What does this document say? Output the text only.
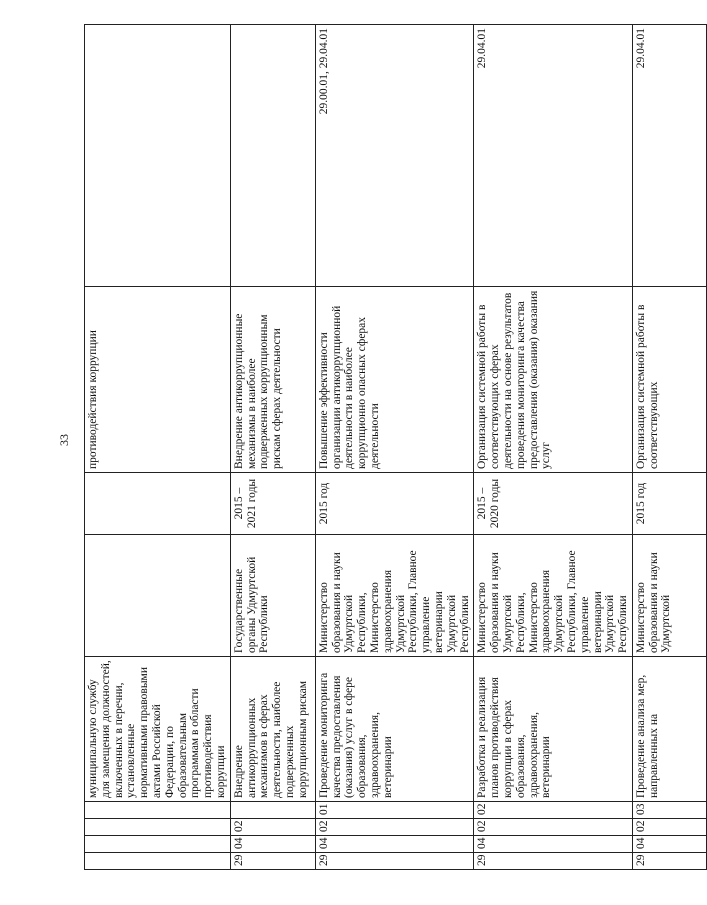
33
				муниципальную службу для замещения должностей, включенных в перечни, установленные нормативными правовыми актами Российской Федерации, по образовательным программам в области противодействия коррупции			противодействия коррупции	
29	04	02		Внедрение антикоррупционных механизмов в сферах деятельности, наиболее подверженных коррупционным рискам	Государственные органы Удмуртской Республики	2015 – 2021 годы	Внедрение антикоррупционные механизмы в наиболее подверженных коррупционным рискам сферах деятельности	
29	04	02	01	Проведение мониторинга качества предоставления (оказания) услуг в сфере образования, здравоохранения, ветеринарии	Министерство образования и науки Удмуртской Республики, Министерство здравоохранения Удмуртской Республики, Главное управление ветеринарии Удмуртской Республики	2015 год	Повышение эффективности организации антикоррупционной деятельности в наиболее коррупционно опасных сферах деятельности	29.00.01, 29.04.01
29	04	02	02	Разработка и реализация планов противодействия коррупции в сферах образования, здравоохранения, ветеринарии	Министерство образования и науки Удмуртской Республики, Министерство здравоохранения Удмуртской Республики, Главное управление ветеринарии Удмуртской Республики	2015 – 2020 годы	Организация системной работы в соответствующих сферах деятельности на основе результатов проведения мониторинга качества предоставления (оказания) оказания услуг	29.04.01
29	04	02	03	Проведение анализа мер, направленных на	Министерство образования и науки Удмуртской	2015 год	Организация системной работы в соответствующих	29.04.01
